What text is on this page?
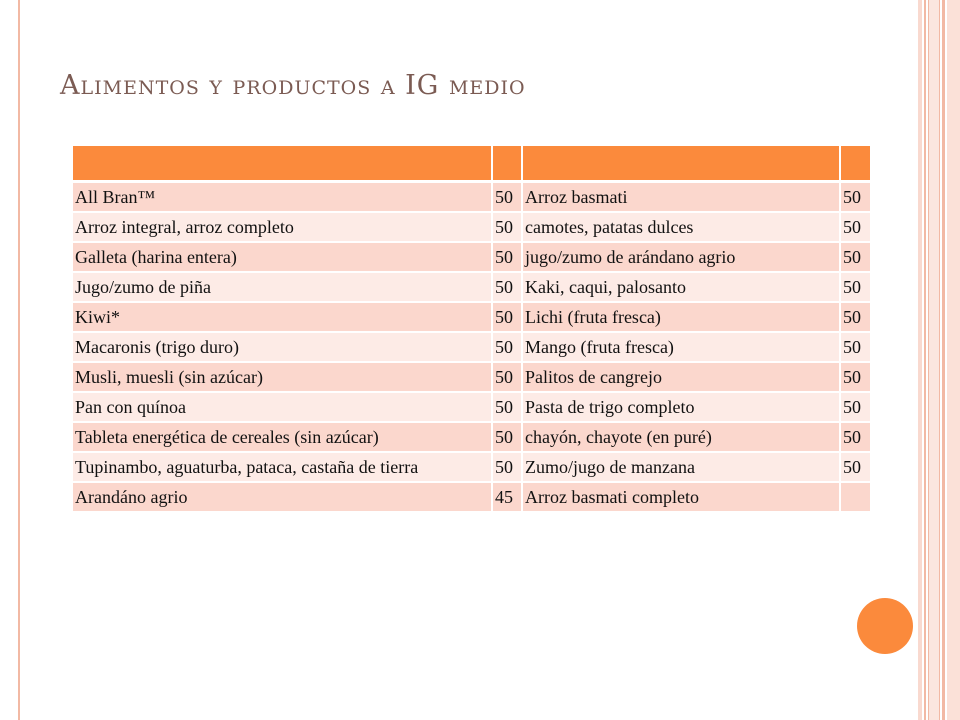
Alimentos y productos a IG medio

All Bran™	50	Arroz basmati	50
Arroz integral, arroz completo	50	camotes, patatas dulces	50
Galleta (harina entera)	50	jugo/zumo de arándano agrio	50
Jugo/zumo de piña	50	Kaki, caqui, palosanto	50
Kiwi*	50	Lichi (fruta fresca)	50
Macaronis (trigo duro)	50	Mango (fruta fresca)	50
Musli, muesli (sin azúcar)	50	Palitos de cangrejo	50
Pan con quínoa	50	Pasta de trigo completo	50
Tableta energética de cereales (sin azúcar)	50	chayón, chayote (en puré)	50
Tupinambo, aguaturba, pataca, castaña de tierra	50	Zumo/jugo de manzana	50
Arandáno agrio	45	Arroz basmati completo	
